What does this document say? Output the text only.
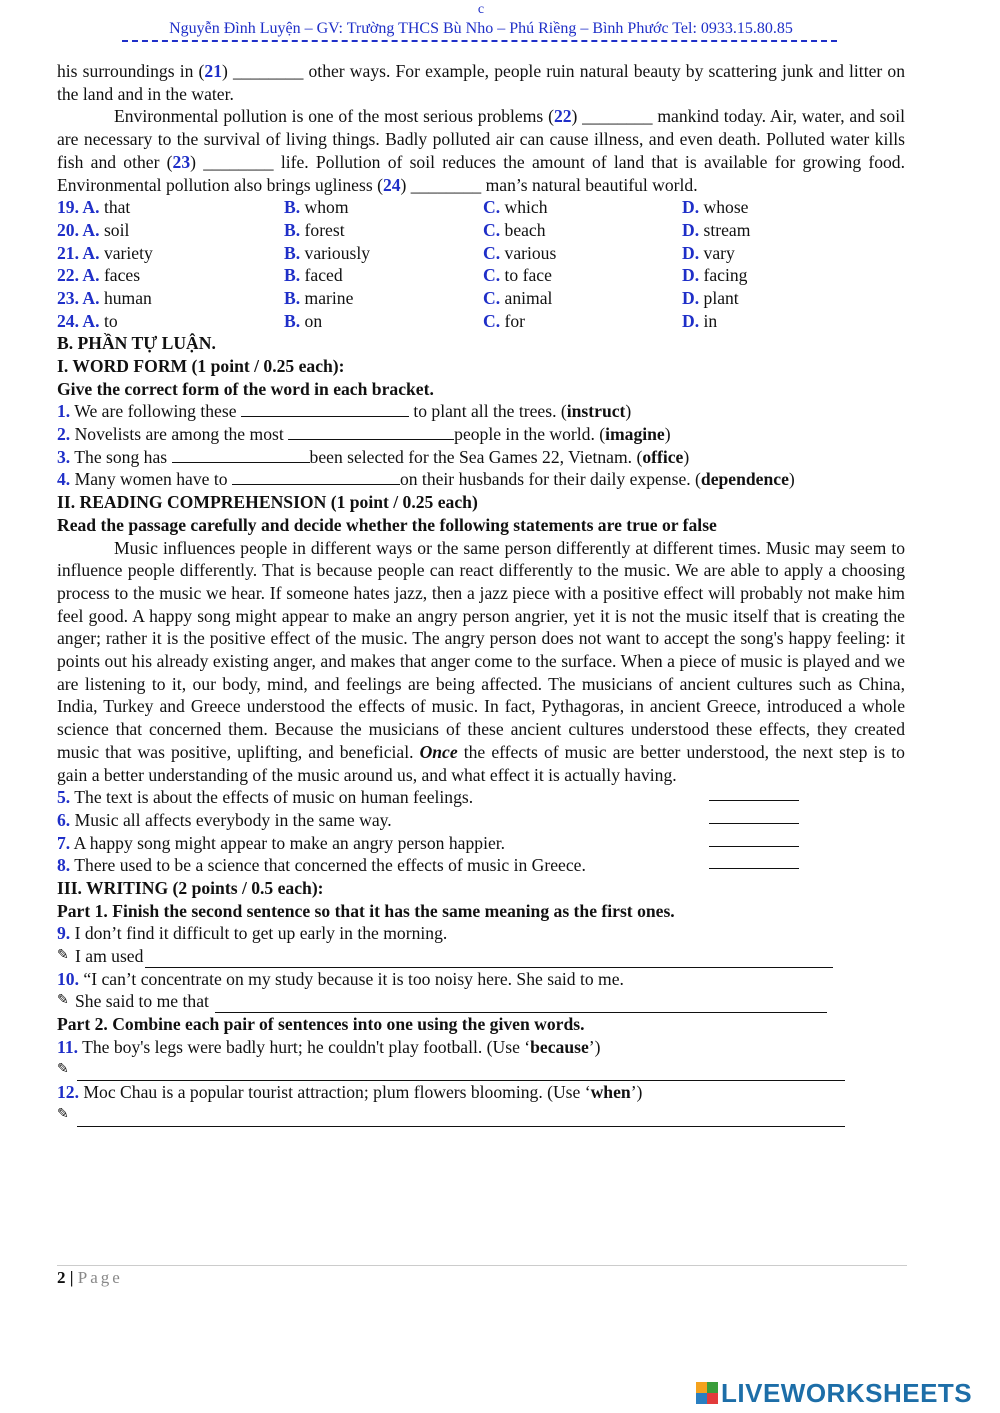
c
Nguyễn Đình Luyện – GV: Trường THCS Bù Nho – Phú Riềng – Bình Phước Tel: 0933.15.80.85

his surroundings in (21) ________ other ways. For example, people ruin natural beauty by scattering junk and litter on the land and in the water.

Environmental pollution is one of the most serious problems (22) ________ mankind today. Air, water, and soil are necessary to the survival of living things. Badly polluted air can cause illness, and even death. Polluted water kills fish and other (23) ________ life. Pollution of soil reduces the amount of land that is available for growing food. Environmental pollution also brings ugliness (24) ________ man’s natural beautiful world.

19. A. that	B. whom	C. which	D. whose
20. A. soil	B. forest	C. beach	D. stream
21. A. variety	B. variously	C. various	D. vary
22. A. faces	B. faced	C. to face	D. facing
23. A. human	B. marine	C. animal	D. plant
24. A. to	B. on	C. for	D. in
B. PHẦN TỰ LUẬN.
I. WORD FORM (1 point / 0.25 each):
Give the correct form of the word in each bracket.
1. We are following these	to plant all the trees. (instruct)
2. Novelists are among the most	people in the world. (imagine)
3. The song has	been selected for the Sea Games 22, Vietnam. (office)
4. Many women have to	on their husbands for their daily expense. (dependence)
II. READING COMPREHENSION (1 point / 0.25 each)
Read the passage carefully and decide whether the following statements are true or false

Music influences people in different ways or the same person differently at different times. Music may seem to influence people differently. That is because people can react differently to the music. We are able to apply a choosing process to the music we hear. If someone hates jazz, then a jazz piece with a positive effect will probably not make him feel good. A happy song might appear to make an angry person angrier, yet it is not the music itself that is creating the anger; rather it is the positive effect of the music. The angry person does not want to accept the song's happy feeling: it points out his already existing anger, and makes that anger come to the surface. When a piece of music is played and we are listening to it, our body, mind, and feelings are being affected. The musicians of ancient cultures such as China, India, Turkey and Greece understood the effects of music. In fact, Pythagoras, in ancient Greece, introduced a whole science that concerned them. Because the musicians of these ancient cultures understood these effects, they created music that was positive, uplifting, and beneficial. Once the effects of music are better understood, the next step is to gain a better understanding of the music around us, and what effect it is actually having.

5. The text is about the effects of music on human feelings.
6. Music all affects everybody in the same way.
7. A happy song might appear to make an angry person happier.
8. There used to be a science that concerned the effects of music in Greece.
III. WRITING (2 points / 0.5 each):
Part 1. Finish the second sentence so that it has the same meaning as the first ones.
9. I don’t find it difficult to get up early in the morning.
✎ I am used
10. “I can’t concentrate on my study because it is too noisy here. She said to me.
✎ She said to me that
Part 2. Combine each pair of sentences into one using the given words.
11. The boy's legs were badly hurt; he couldn't play football. (Use ‘because’)
✎
12. Moc Chau is a popular tourist attraction; plum flowers blooming. (Use ‘when’)
✎
2 | Page
LIVEWORKSHEETS
